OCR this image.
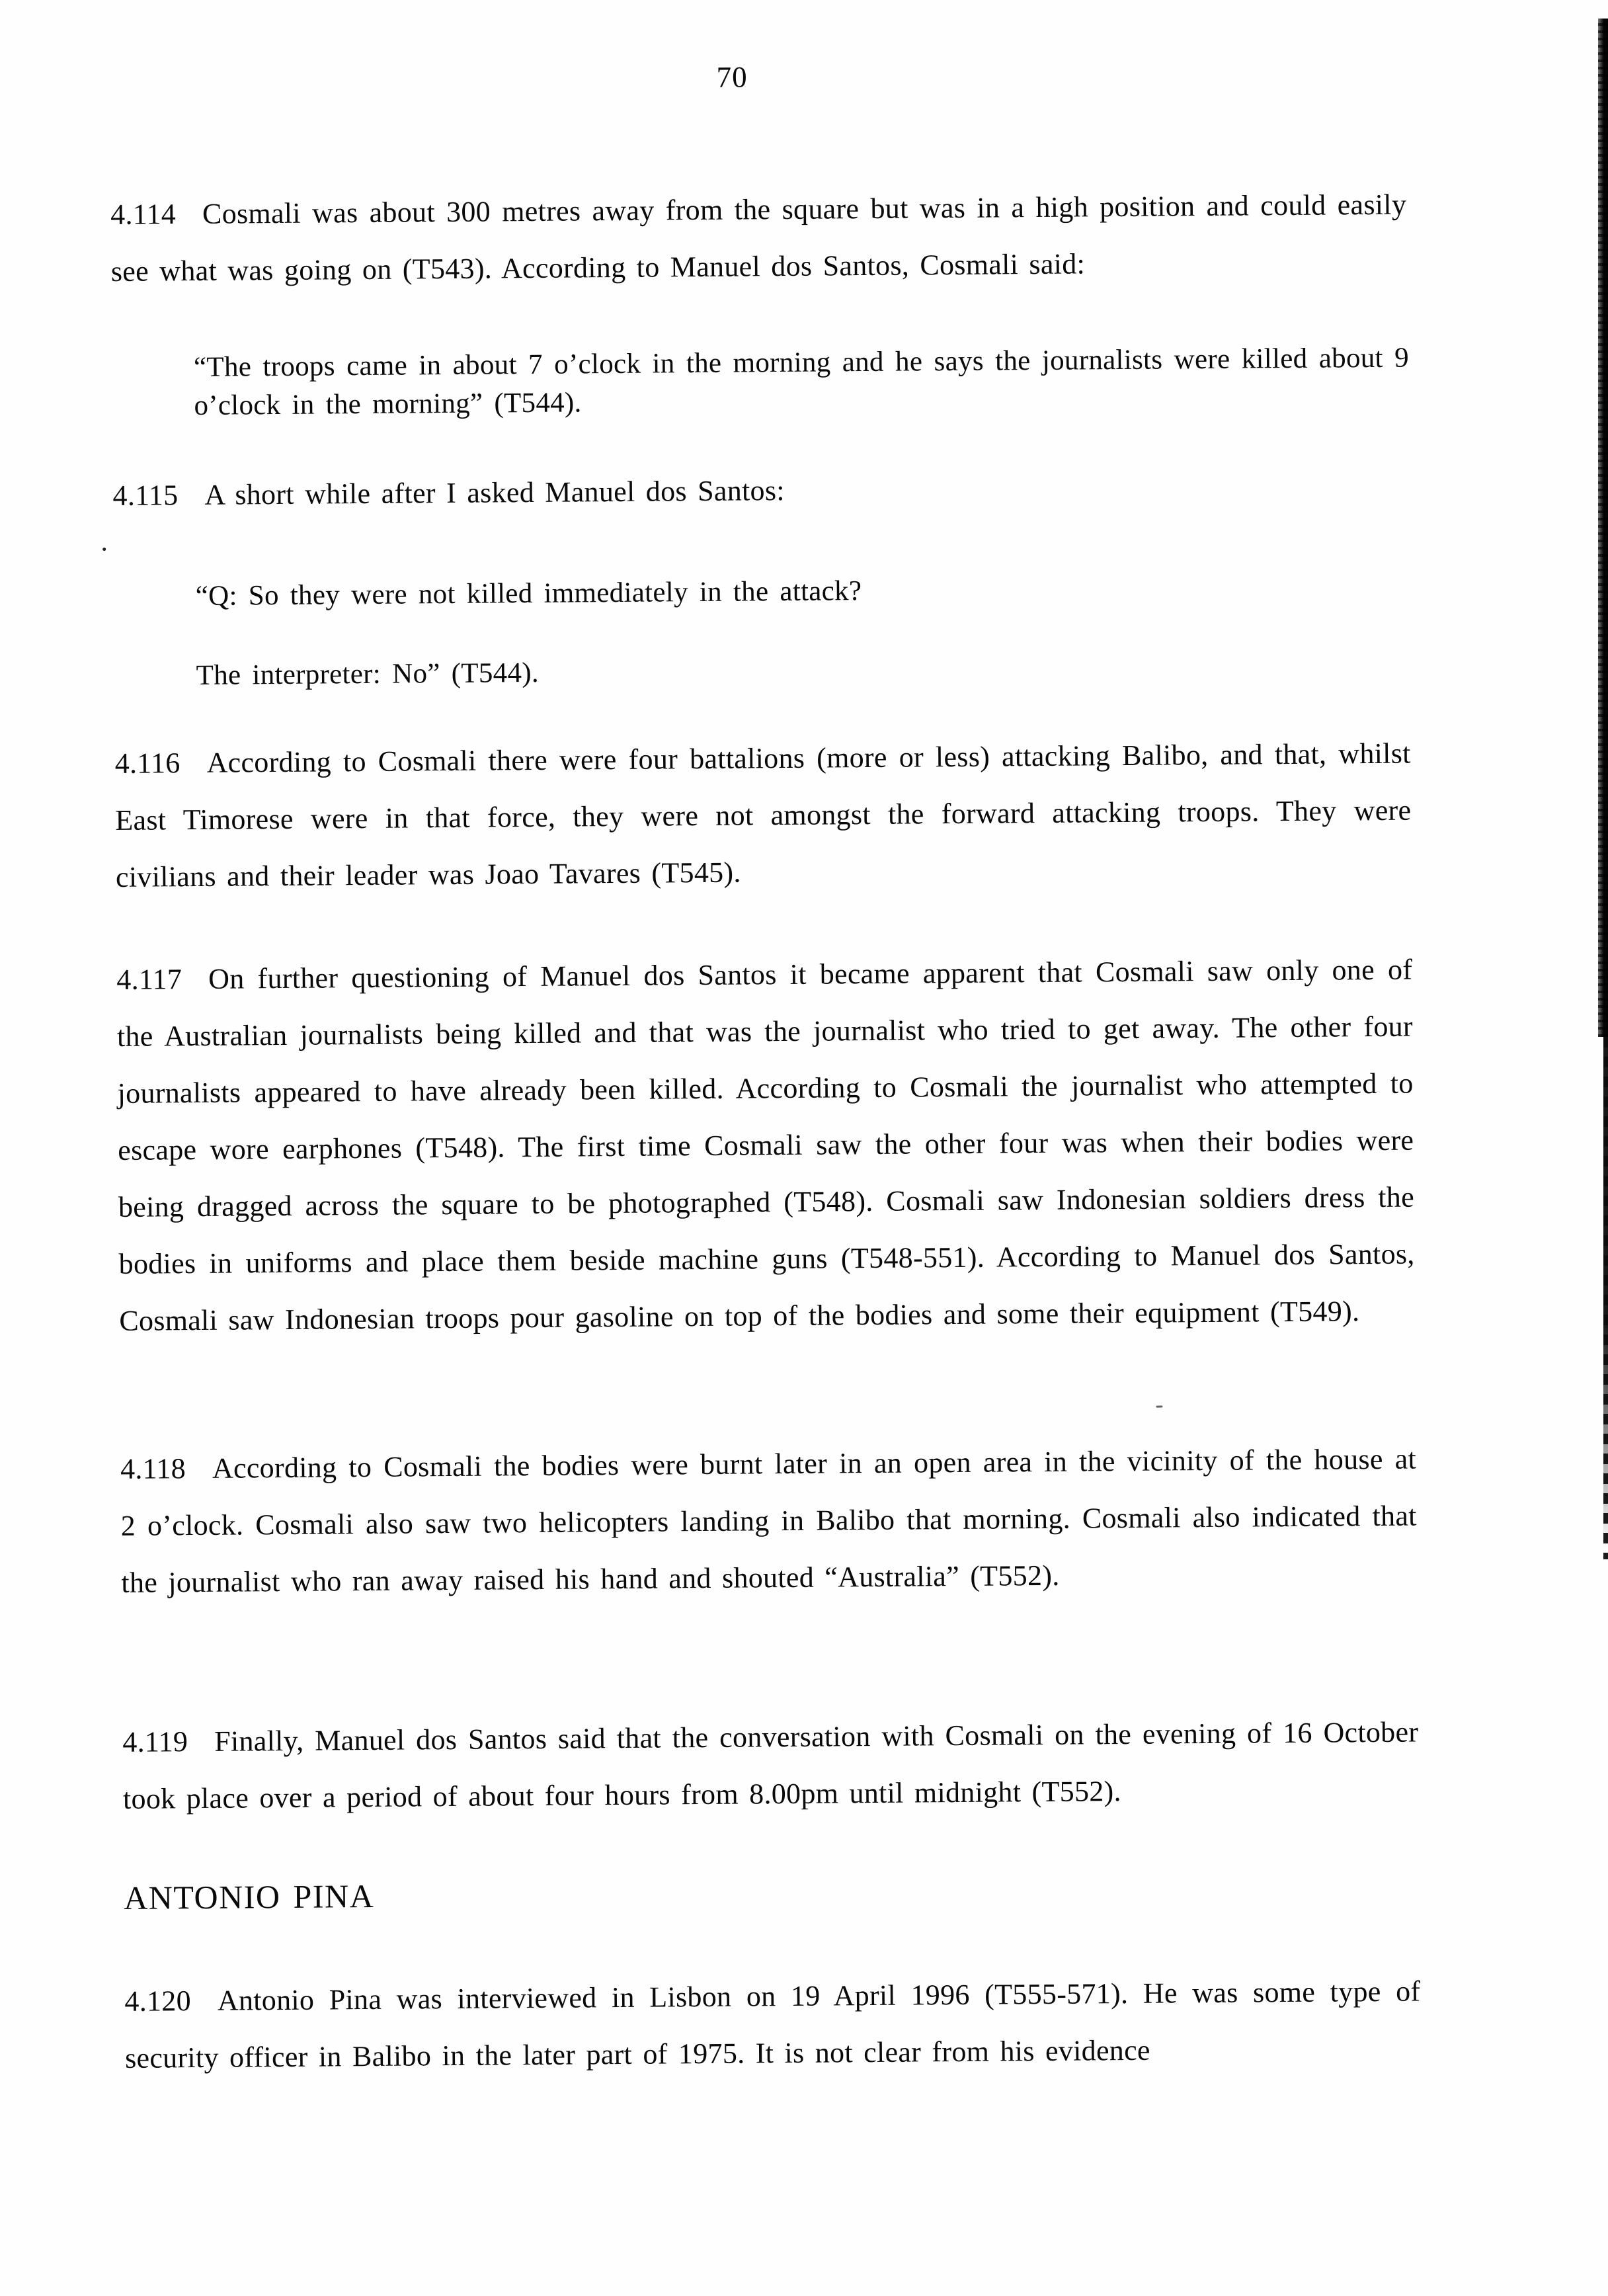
70

4.114 Cosmali was about 300 metres away from the square but was in a high position and could easily see what was going on (T543). According to Manuel dos Santos, Cosmali said:

“The troops came in about 7 o’clock in the morning and he says the journalists were killed about 9 o’clock in the morning” (T544).

4.115 A short while after I asked Manuel dos Santos:

“Q: So they were not killed immediately in the attack?

The interpreter: No” (T544).

4.116 According to Cosmali there were four battalions (more or less) attacking Balibo, and that, whilst East Timorese were in that force, they were not amongst the forward attacking troops. They were civilians and their leader was Joao Tavares (T545).

4.117 On further questioning of Manuel dos Santos it became apparent that Cosmali saw only one of the Australian journalists being killed and that was the journalist who tried to get away. The other four journalists appeared to have already been killed. According to Cosmali the journalist who attempted to escape wore earphones (T548). The first time Cosmali saw the other four was when their bodies were being dragged across the square to be photographed (T548). Cosmali saw Indonesian soldiers dress the bodies in uniforms and place them beside machine guns (T548-551). According to Manuel dos Santos, Cosmali saw Indonesian troops pour gasoline on top of the bodies and some their equipment (T549).

4.118 According to Cosmali the bodies were burnt later in an open area in the vicinity of the house at 2 o’clock. Cosmali also saw two helicopters landing in Balibo that morning. Cosmali also indicated that the journalist who ran away raised his hand and shouted “Australia” (T552).

4.119 Finally, Manuel dos Santos said that the conversation with Cosmali on the evening of 16 October took place over a period of about four hours from 8.00pm until midnight (T552).

ANTONIO PINA

4.120 Antonio Pina was interviewed in Lisbon on 19 April 1996 (T555-571). He was some type of security officer in Balibo in the later part of 1975. It is not clear from his evidence
